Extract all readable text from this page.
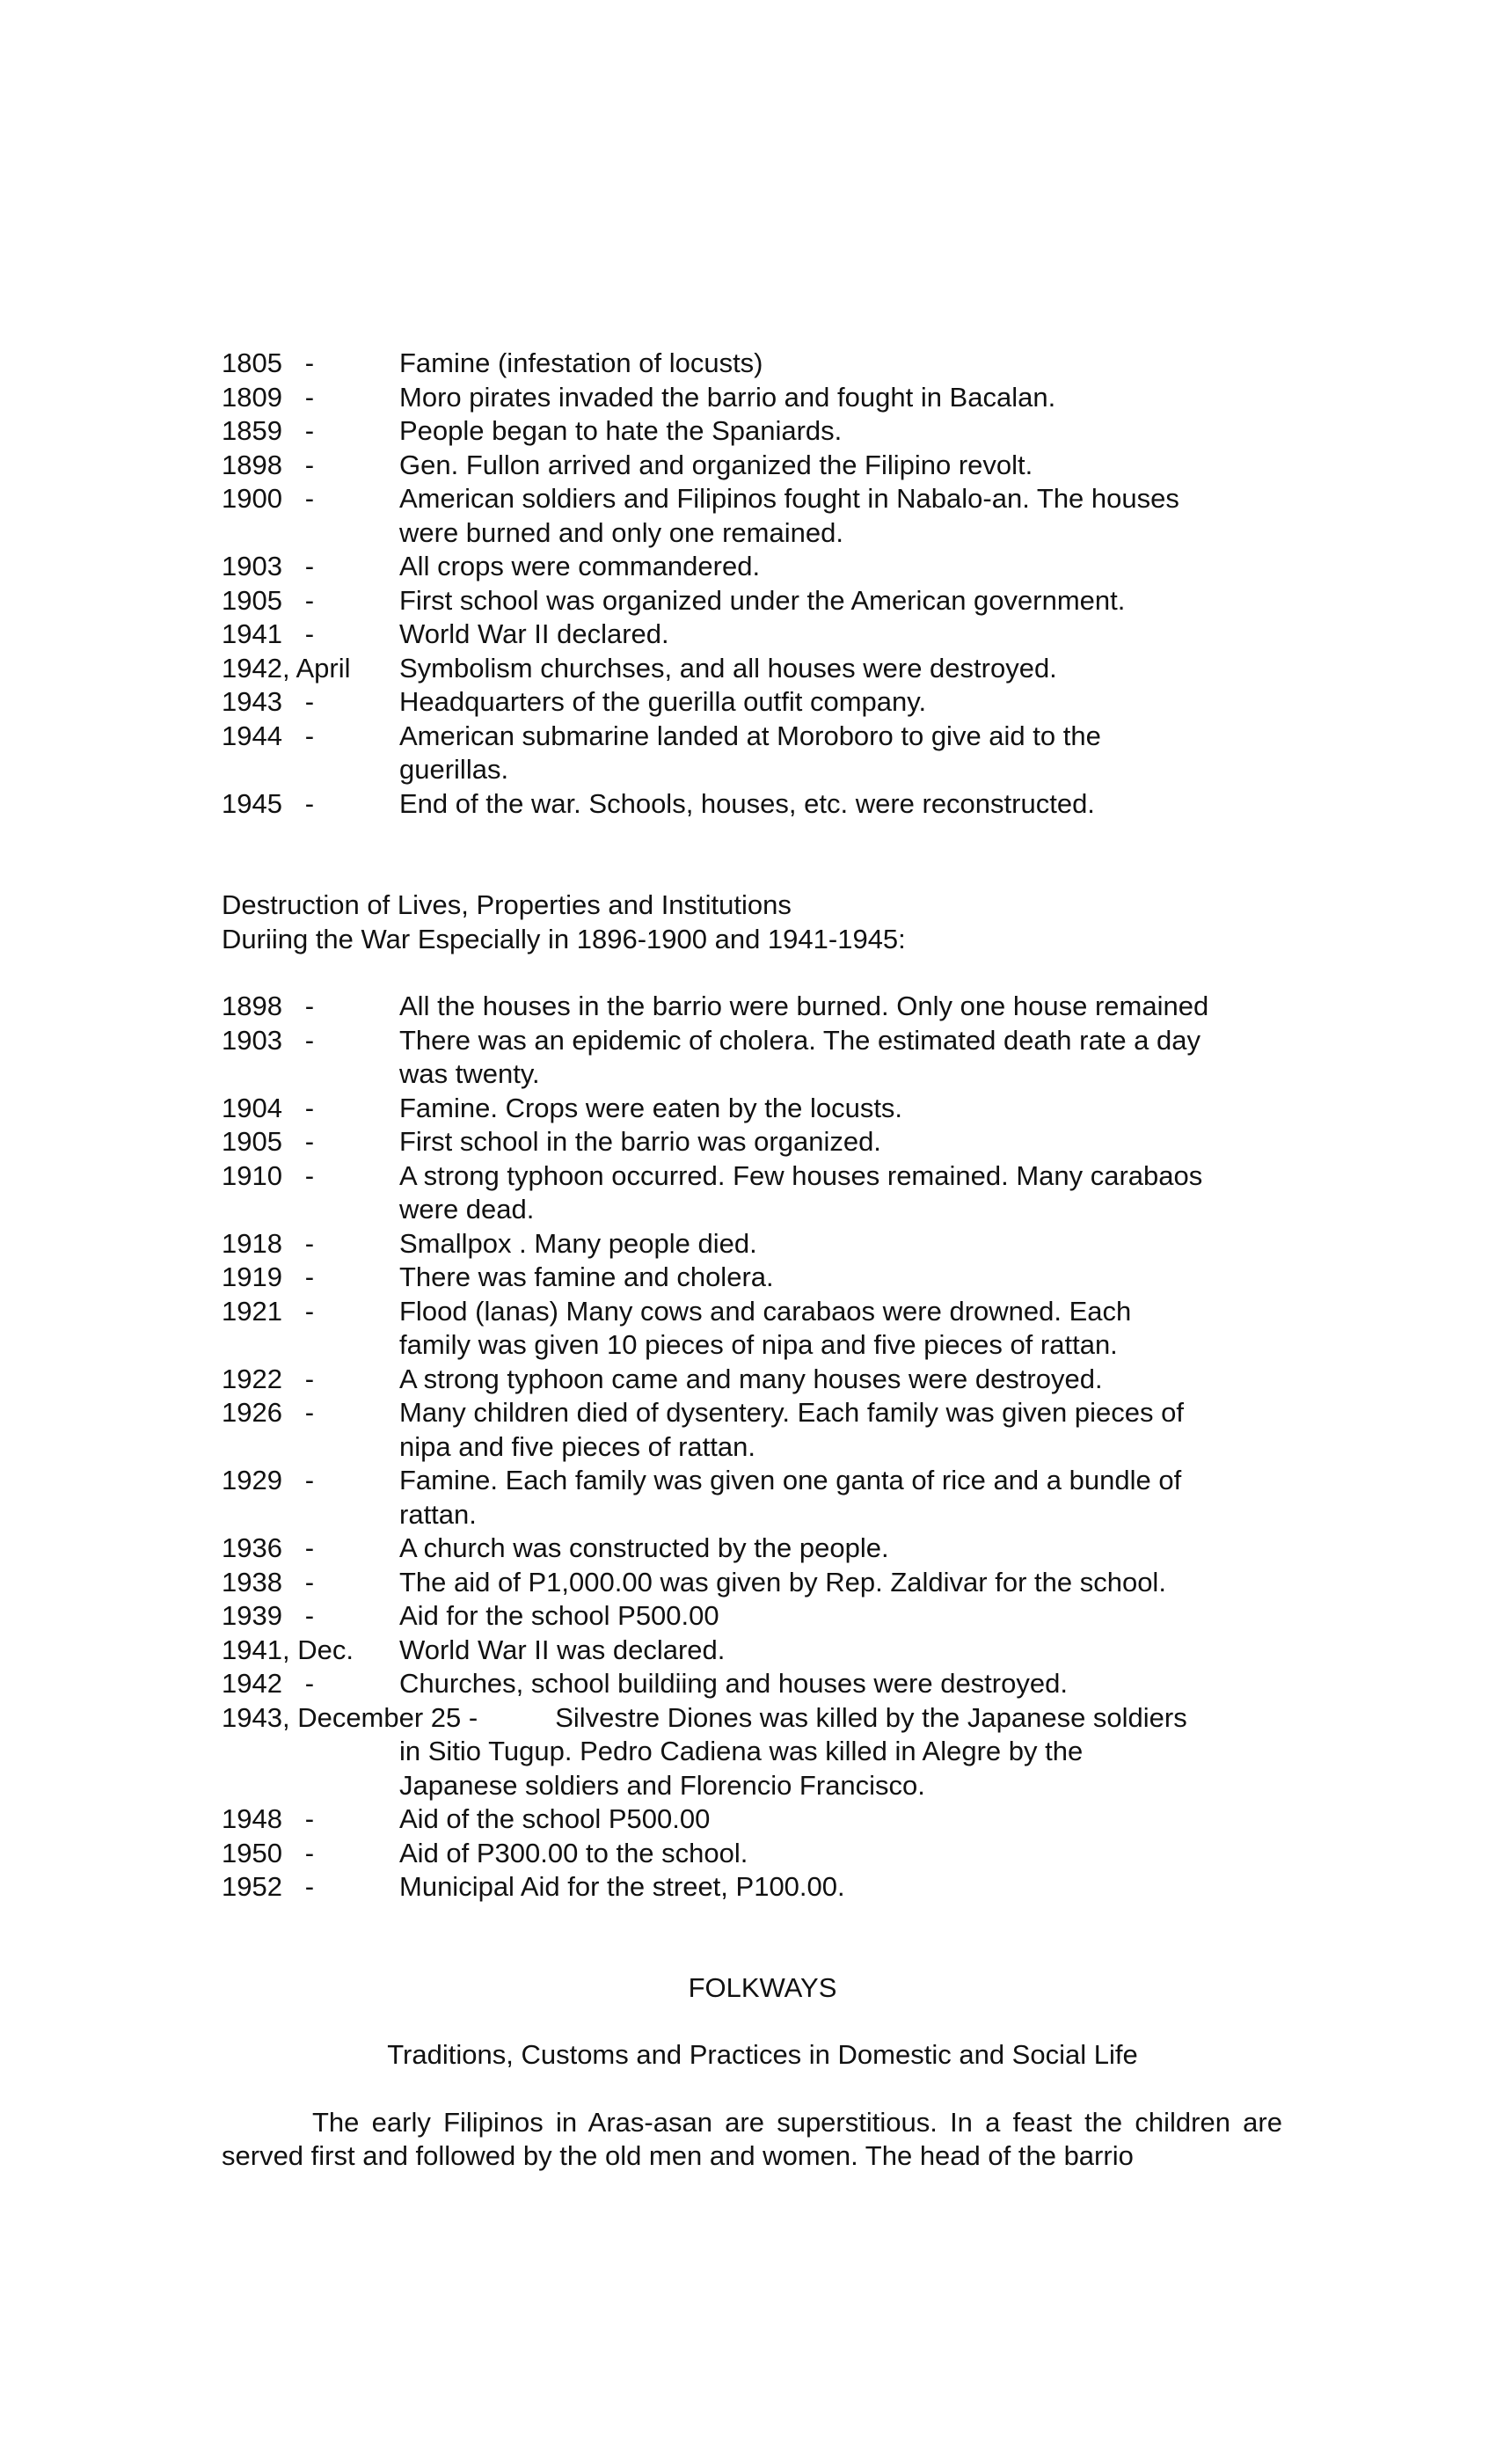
1805   -	Famine (infestation of locusts)
1809   -	Moro pirates invaded the barrio and fought in Bacalan.
1859   -	People began to hate the Spaniards.
1898   -	Gen. Fullon arrived and organized the Filipino revolt.
1900   -	American soldiers and Filipinos fought in Nabalo-an. The houses
were burned and only one remained.
1903   -	All crops were commandered.
1905   -	First school was organized under the American government.
1941   -	World War II declared.
1942, April	Symbolism churchses, and all houses were destroyed.
1943   -	Headquarters of the guerilla outfit company.
1944   -	American submarine landed at Moroboro to give aid to the
guerillas.
1945   -	End of the war. Schools, houses, etc. were reconstructed.
Destruction of Lives, Properties and Institutions
Duriing the War Especially in 1896-1900 and 1941-1945:
1898   -	All the houses in the barrio were burned. Only one house remained
1903   -	There was an epidemic of cholera. The estimated death rate a day
was twenty.
1904   -	Famine. Crops were eaten by the locusts.
1905   -	First school in the barrio was organized.
1910   -	A strong typhoon occurred. Few houses remained. Many carabaos
were dead.
1918   -	Smallpox . Many people died.
1919   -	There was famine and cholera.
1921   -	Flood (lanas) Many cows and carabaos were drowned. Each
family was given 10 pieces of nipa and five pieces of rattan.
1922   -	A strong typhoon came and many houses were destroyed.
1926   -	Many children died of dysentery. Each family was given pieces of
nipa and five pieces of rattan.
1929   -	Famine. Each family was given one ganta of rice and a bundle of
rattan.
1936   -	A church was constructed by the people.
1938   -	The aid of P1,000.00 was given by Rep. Zaldivar for the school.
1939   -	Aid for the school P500.00
1941, Dec.	World War II was declared.
1942   -	Churches, school buildiing and houses were destroyed.
1943, December 25 -	Silvestre Diones was killed by the Japanese soldiers
in Sitio Tugup. Pedro Cadiena was killed in Alegre by the
Japanese soldiers and Florencio Francisco.
1948   -	Aid of the school P500.00
1950   -	Aid of P300.00 to the school.
1952   -	Municipal Aid for the street, P100.00.
FOLKWAYS
Traditions, Customs and Practices in Domestic and Social Life
The early Filipinos in Aras-asan are superstitious. In a feast the children are served first and followed by the old men and women. The head of the barrio
